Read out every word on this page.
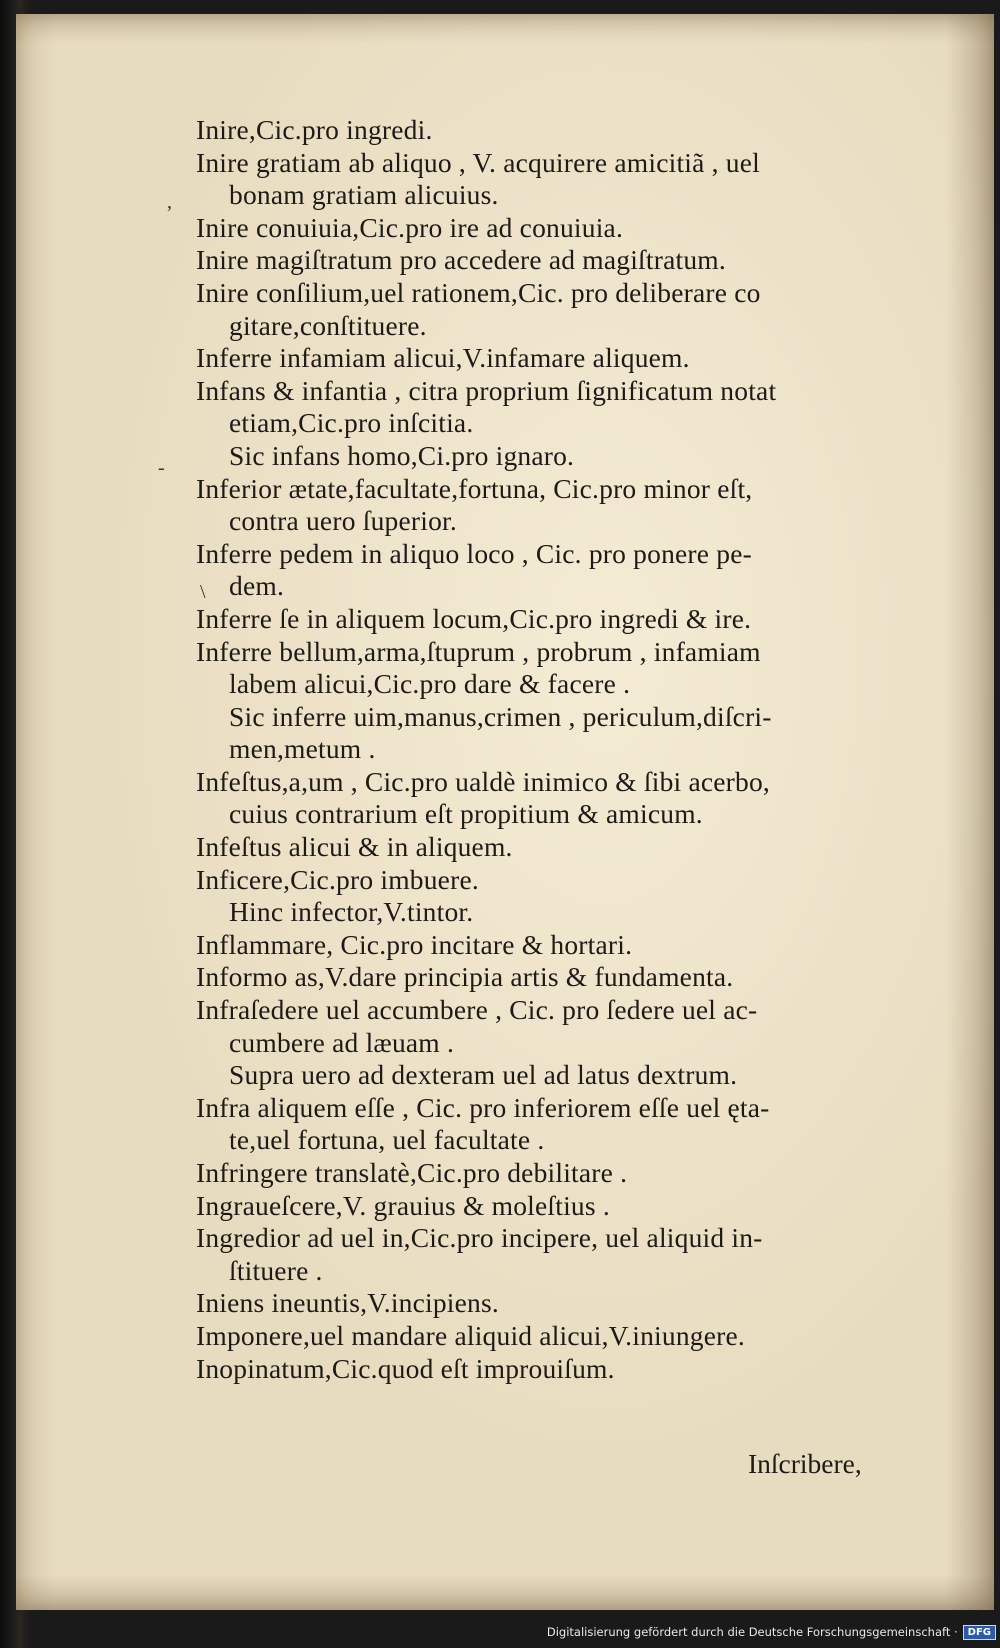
‚
-
\
Inire,Cic.pro ingredi.
Inire gratiam ab aliquo , V. acquirere amicitiã , uel
bonam gratiam alicuius.
Inire conuiuia,Cic.pro ire ad conuiuia.
Inire magiſtratum pro accedere ad magiſtratum.
Inire conſilium,uel rationem,Cic. pro deliberare co
gitare,conſtituere.
Inferre infamiam alicui,V.infamare aliquem.
Infans & infantia , citra proprium ſignificatum notat
etiam,Cic.pro inſcitia.
Sic infans homo,Ci.pro ignaro.
Inferior ætate,facultate,fortuna, Cic.pro minor eſt,
contra uero ſuperior.
Inferre pedem in aliquo loco , Cic. pro ponere pe-
dem.
Inferre ſe in aliquem locum,Cic.pro ingredi & ire.
Inferre bellum,arma,ſtuprum , probrum , infamiam
labem alicui,Cic.pro dare & facere .
Sic inferre uim,manus,crimen , periculum,diſcri-
men,metum .
Infeſtus,a,um , Cic.pro ualdè inimico & ſibi acerbo,
cuius contrarium eſt propitium & amicum.
Infeſtus alicui & in aliquem.
Inficere,Cic.pro imbuere.
Hinc infector,V.tintor.
Inflammare, Cic.pro incitare & hortari.
Informo as,V.dare principia artis & fundamenta.
Infraſedere uel accumbere , Cic. pro ſedere uel ac-
cumbere ad læuam .
Supra uero ad dexteram uel ad latus dextrum.
Infra aliquem eſſe , Cic. pro inferiorem eſſe uel ęta-
te,uel fortuna, uel facultate .
Infringere translatè,Cic.pro debilitare .
Ingraueſcere,V. grauius & moleſtius .
Ingredior ad uel in,Cic.pro incipere, uel aliquid in-
ſtituere .
Iniens ineuntis,V.incipiens.
Imponere,uel mandare aliquid alicui,V.iniungere.
Inopinatum,Cic.quod eſt improuiſum.
Inſcribere,
Digitalisierung gefördert durch die Deutsche Forschungsgemeinschaft ·	DFG
